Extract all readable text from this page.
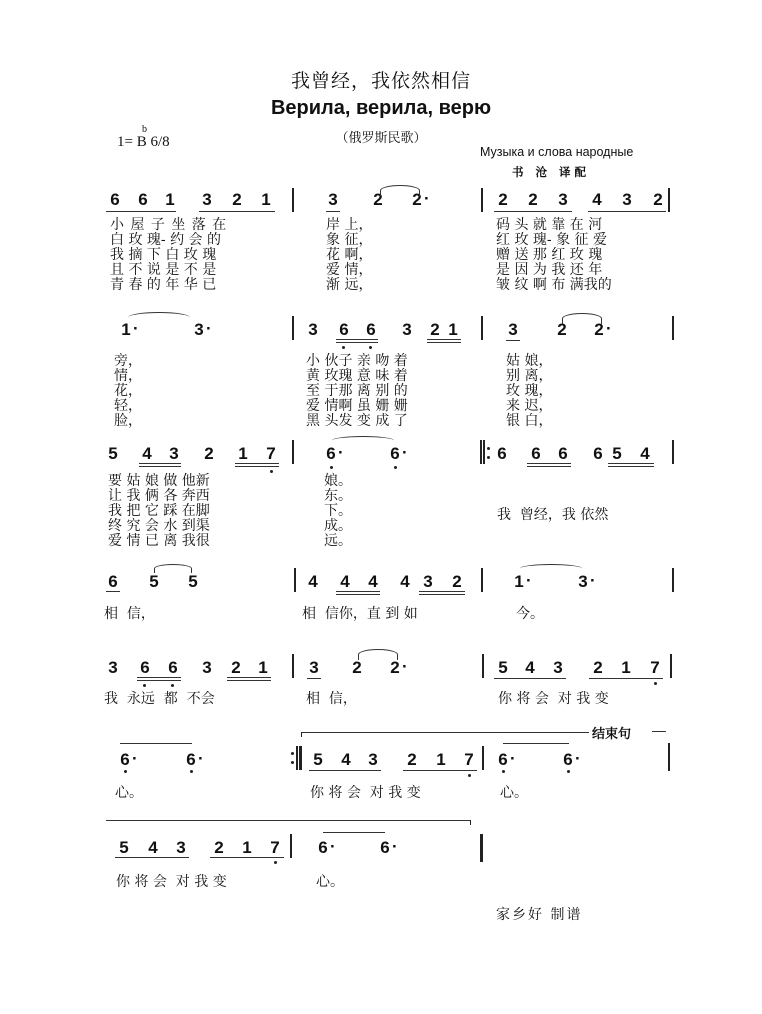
我曾经，我依然相信
Верила, верила, верю
（俄罗斯民歌）
b
1= B 6/8
Музыка и слова народные
书 沧 译配
6 6 1 3 2 1	3 2 2 ·	2 2 3 4 3 2
小 屋 子 坐 落 在
白 玫 瑰- 约 会 的
我 摘 下 白 玫 瑰
且 不 说 是 不 是
青 春 的 年 华 已
岸 上，
象 征，
花 啊，
爱 情，
渐 远，
码 头 就 靠 在 河
红 玫 瑰- 象 征 爱
赠 送 那 红 玫 瑰
是 因 为 我 还 年
皱 纹 啊 布 满我的
1 ·	3 ·	3 6 6 3 2 1	3 2 2 ·
旁，
情，
花，
轻，
脸，
小 伙子 亲 吻 着
黄 玫瑰 意 味 着
至 于那 离 别 的
爱 情啊 虽 姗 姗
黑 头发 变 成 了
姑 娘，
别 离，
玫 瑰，
来 迟，
银 白，
5 4 3 2 1 7	6 ·	6 ·	6 6 6 6 5 4
要 姑 娘 做 他新
让 我 俩 各 奔西
我 把 它 踩 在脚
终 究 会 水 到渠
爱 情 已 离 我很
娘。
东。
下。
成。
远。
我  曾经，我 依然
6 5 5	4 4 4 4 3 2	1 ·	3 ·
相  信，	相  信你，直 到 如	今。
3 6 6 3 2 1 3 2 2 ·	5 4 3 2 1 7
我  永远  都  不会	相  信，	你 将 会  对 我 变
结束句
6 ·	6 ·	5 4 3 2 1 7 6 ·	6 ·
心。	你 将 会  对 我 变	心。
5 4 3 2 1 7 6 ·	6 ·
你 将 会  对 我 变	心。
家乡好 制谱
